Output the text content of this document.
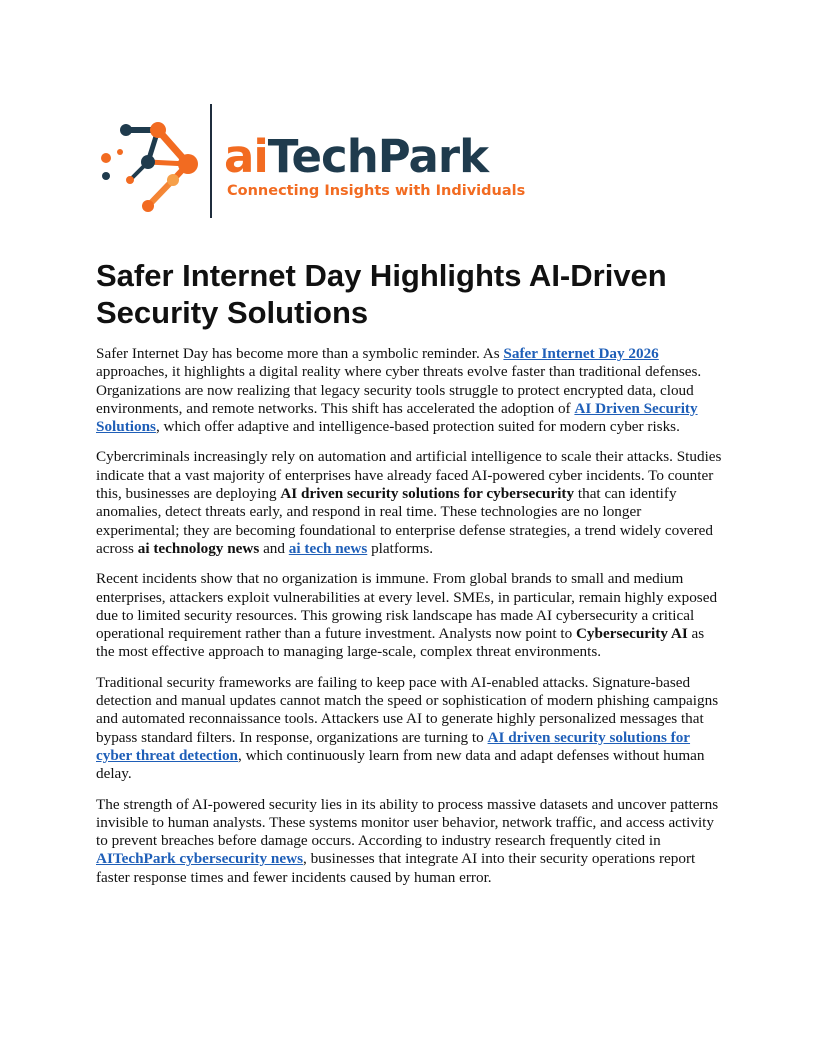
aiTechPark
Connecting Insights with Individuals
Safer Internet Day Highlights AI-Driven Security Solutions

Safer Internet Day has become more than a symbolic reminder. As Safer Internet Day 2026 approaches, it highlights a digital reality where cyber threats evolve faster than traditional defenses. Organizations are now realizing that legacy security tools struggle to protect encrypted data, cloud environments, and remote networks. This shift has accelerated the adoption of AI Driven Security Solutions, which offer adaptive and intelligence-based protection suited for modern cyber risks.

Cybercriminals increasingly rely on automation and artificial intelligence to scale their attacks. Studies indicate that a vast majority of enterprises have already faced AI-powered cyber incidents. To counter this, businesses are deploying AI driven security solutions for cybersecurity that can identify anomalies, detect threats early, and respond in real time. These technologies are no longer experimental; they are becoming foundational to enterprise defense strategies, a trend widely covered across ai technology news and ai tech news platforms.

Recent incidents show that no organization is immune. From global brands to small and medium enterprises, attackers exploit vulnerabilities at every level. SMEs, in particular, remain highly exposed due to limited security resources. This growing risk landscape has made AI cybersecurity a critical operational requirement rather than a future investment. Analysts now point to Cybersecurity AI as the most effective approach to managing large-scale, complex threat environments.

Traditional security frameworks are failing to keep pace with AI-enabled attacks. Signature-based detection and manual updates cannot match the speed or sophistication of modern phishing campaigns and automated reconnaissance tools. Attackers use AI to generate highly personalized messages that bypass standard filters. In response, organizations are turning to AI driven security solutions for cyber threat detection, which continuously learn from new data and adapt defenses without human delay.

The strength of AI-powered security lies in its ability to process massive datasets and uncover patterns invisible to human analysts. These systems monitor user behavior, network traffic, and access activity to prevent breaches before damage occurs. According to industry research frequently cited in AITechPark cybersecurity news, businesses that integrate AI into their security operations report faster response times and fewer incidents caused by human error.
